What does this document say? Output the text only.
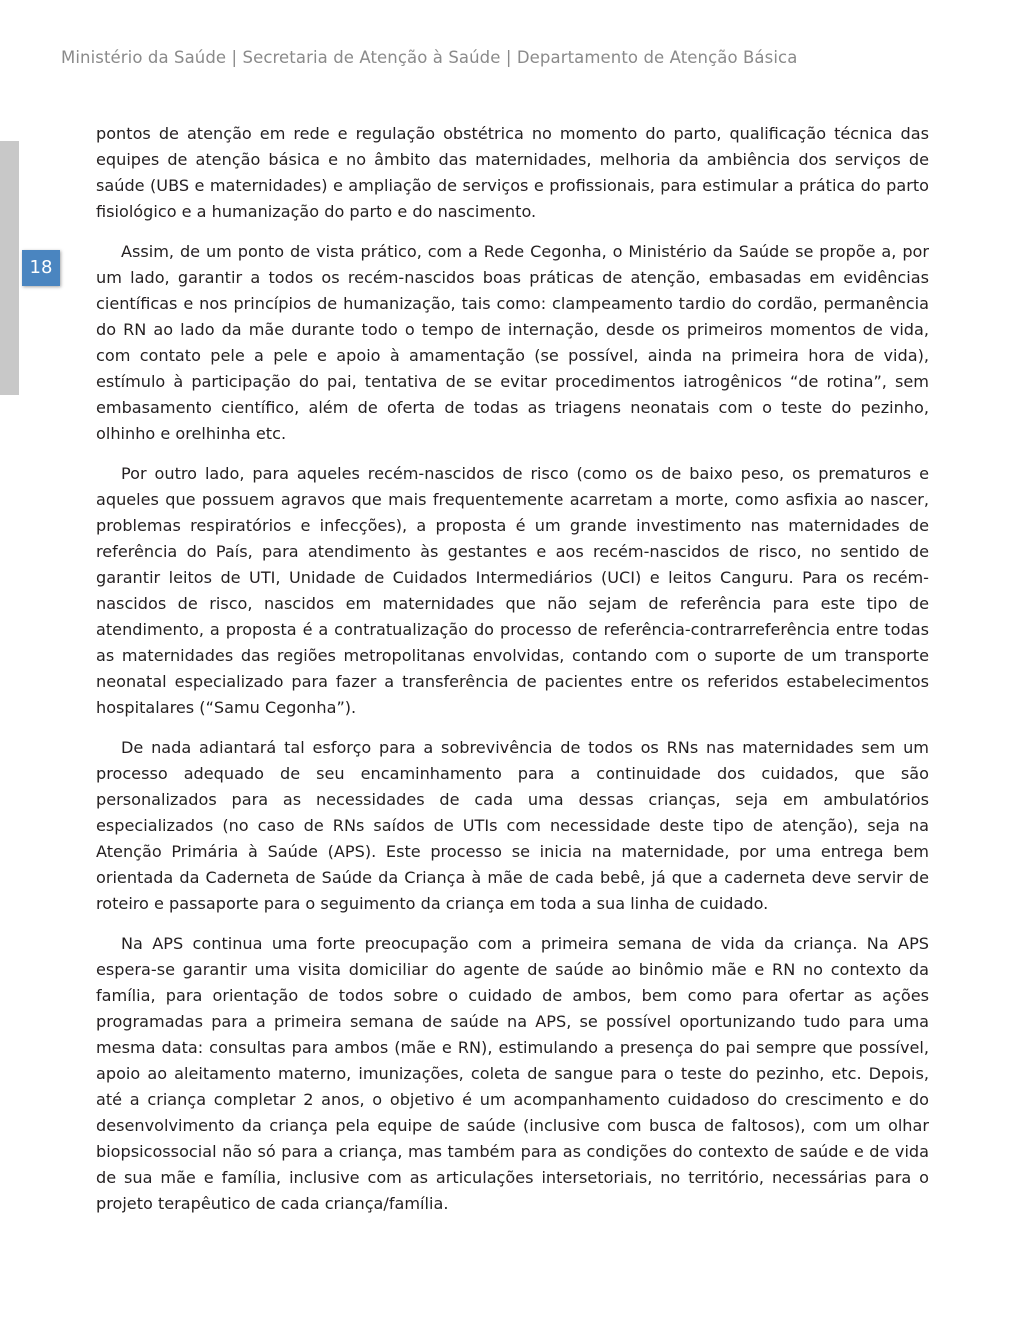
Ministério da Saúde | Secretaria de Atenção à Saúde | Departamento de Atenção Básica
18

pontos de atenção em rede e regulação obstétrica no momento do parto, qualificação técnica das equipes de atenção básica e no âmbito das maternidades, melhoria da ambiência dos serviços de saúde (UBS e maternidades) e ampliação de serviços e profissionais, para estimular a prática do parto fisiológico e a humanização do parto e do nascimento.

Assim, de um ponto de vista prático, com a Rede Cegonha, o Ministério da Saúde se propõe a, por um lado, garantir a todos os recém-nascidos boas práticas de atenção, embasadas em evidências científicas e nos princípios de humanização, tais como: clampeamento tardio do cordão, permanência do RN ao lado da mãe durante todo o tempo de internação, desde os primeiros momentos de vida, com contato pele a pele e apoio à amamentação (se possível, ainda na primeira hora de vida), estímulo à participação do pai, tentativa de se evitar procedimentos iatrogênicos “de rotina”, sem embasamento científico, além de oferta de todas as triagens neonatais com o teste do pezinho, olhinho e orelhinha etc.

Por outro lado, para aqueles recém-nascidos de risco (como os de baixo peso, os prematuros e aqueles que possuem agravos que mais frequentemente acarretam a morte, como asfixia ao nascer, problemas respiratórios e infecções), a proposta é um grande investimento nas maternidades de referência do País, para atendimento às gestantes e aos recém-nascidos de risco, no sentido de garantir leitos de UTI, Unidade de Cuidados Intermediários (UCI) e leitos Canguru. Para os recém-nascidos de risco, nascidos em maternidades que não sejam de referência para este tipo de atendimento, a proposta é a contratualização do processo de referência-contrarreferência entre todas as maternidades das regiões metropolitanas envolvidas, contando com o suporte de um transporte neonatal especializado para fazer a transferência de pacientes entre os referidos estabelecimentos hospitalares (“Samu Cegonha”).

De nada adiantará tal esforço para a sobrevivência de todos os RNs nas maternidades sem um processo adequado de seu encaminhamento para a continuidade dos cuidados, que são personalizados para as necessidades de cada uma dessas crianças, seja em ambulatórios especializados (no caso de RNs saídos de UTIs com necessidade deste tipo de atenção), seja na Atenção Primária à Saúde (APS). Este processo se inicia na maternidade, por uma entrega bem orientada da Caderneta de Saúde da Criança à mãe de cada bebê, já que a caderneta deve servir de roteiro e passaporte para o seguimento da criança em toda a sua linha de cuidado.

Na APS continua uma forte preocupação com a primeira semana de vida da criança. Na APS espera-se garantir uma visita domiciliar do agente de saúde ao binômio mãe e RN no contexto da família, para orientação de todos sobre o cuidado de ambos, bem como para ofertar as ações programadas para a primeira semana de saúde na APS, se possível oportunizando tudo para uma mesma data: consultas para ambos (mãe e RN), estimulando a presença do pai sempre que possível, apoio ao aleitamento materno, imunizações, coleta de sangue para o teste do pezinho, etc. Depois, até a criança completar 2 anos, o objetivo é um acompanhamento cuidadoso do crescimento e do desenvolvimento da criança pela equipe de saúde (inclusive com busca de faltosos), com um olhar biopsicossocial não só para a criança, mas também para as condições do contexto de saúde e de vida de sua mãe e família, inclusive com as articulações intersetoriais, no território, necessárias para o projeto terapêutico de cada criança/família.
